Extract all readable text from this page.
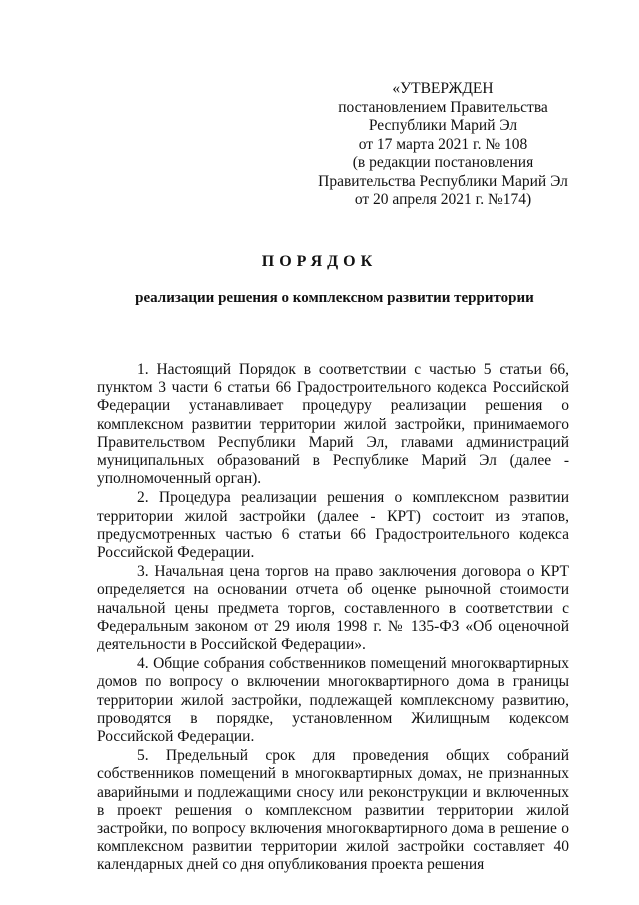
«УТВЕРЖДЕН
постановлением Правительства
Республики Марий Эл
от 17 марта 2021 г. № 108
(в редакции постановления
Правительства Республики Марий Эл
от 20 апреля 2021 г. №174)
ПОРЯДОК
реализации решения о комплексном развитии территории

1. Настоящий Порядок в соответствии с частью 5 статьи 66, пунктом 3 части 6 статьи 66 Градостроительного кодекса Российской Федерации устанавливает процедуру реализации решения о комплексном развитии территории жилой застройки, принимаемого Правительством Республики Марий Эл, главами администраций муниципальных образований в Республике Марий Эл (далее - уполномоченный орган).

2. Процедура реализации решения о комплексном развитии территории жилой застройки (далее - КРТ) состоит из этапов, предусмотренных частью 6 статьи 66 Градостроительного кодекса Российской Федерации.

3. Начальная цена торгов на право заключения договора о КРТ определяется на основании отчета об оценке рыночной стоимости начальной цены предмета торгов, составленного в соответствии с Федеральным законом от 29 июля 1998 г. № 135-ФЗ «Об оценочной деятельности в Российской Федерации».

4. Общие собрания собственников помещений многоквартирных домов по вопросу о включении многоквартирного дома в границы территории жилой застройки, подлежащей комплексному развитию, проводятся в порядке, установленном Жилищным кодексом Российской Федерации.

5. Предельный срок для проведения общих собраний собственников помещений в многоквартирных домах, не признанных аварийными и подлежащими сносу или реконструкции и включенных в проект решения о комплексном развитии территории жилой застройки, по вопросу включения многоквартирного дома в решение о комплексном развитии территории жилой застройки составляет 40 календарных дней со дня опубликования проекта решения
